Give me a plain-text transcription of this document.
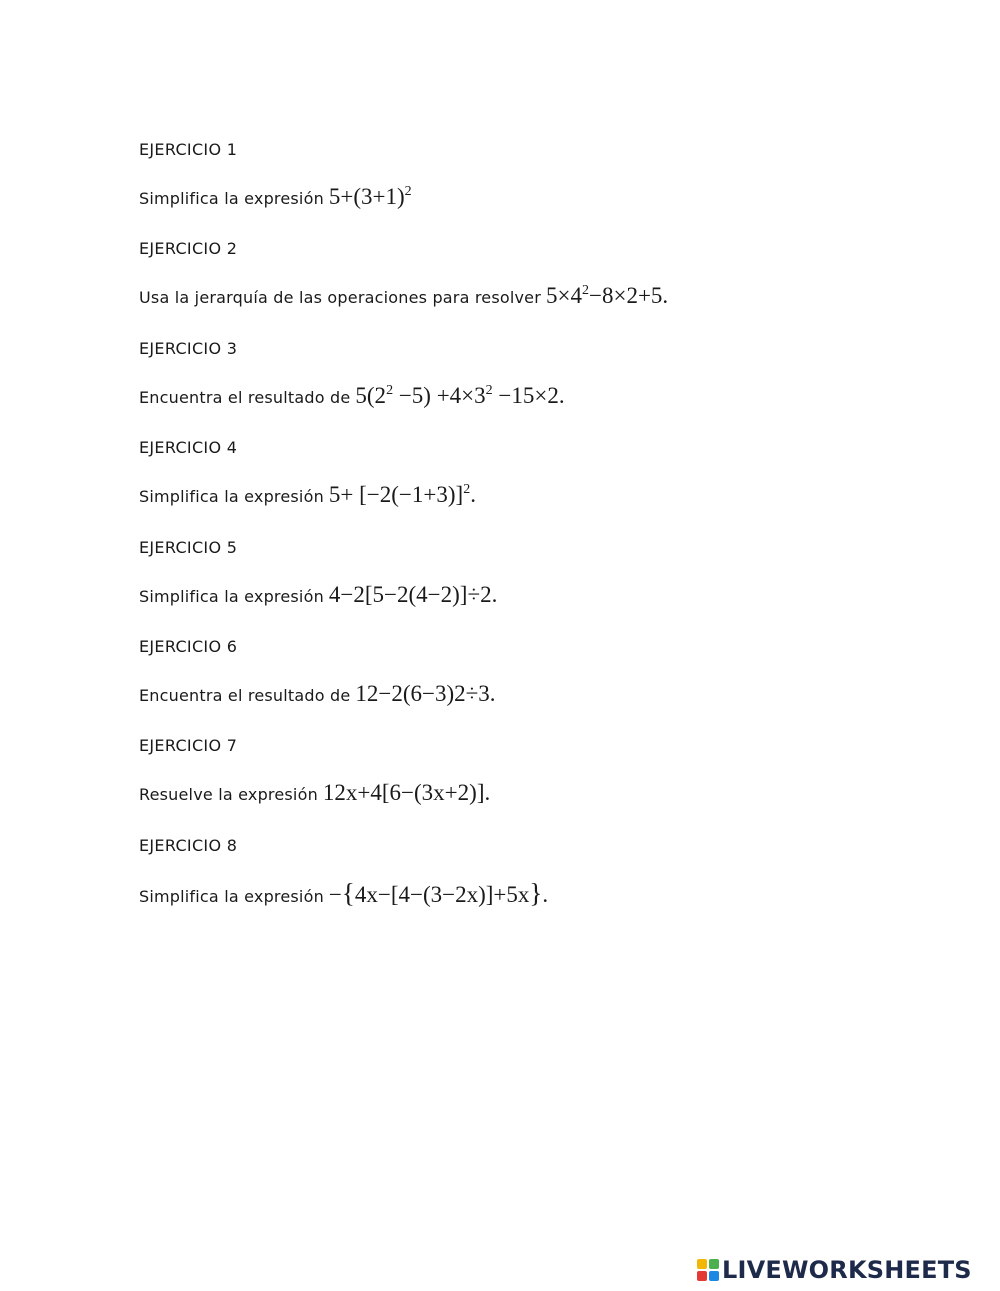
EJERCICIO 1
Simplifica la expresión $5+(3+1)^2$
EJERCICIO 2
Usa la jerarquía de las operaciones para resolver $5\times 4^2-8\times 2+5$.
EJERCICIO 3
Encuentra el resultado de $5(2^2 -5) +4\times 3^2 -15\times 2$.
EJERCICIO 4
Simplifica la expresión $5+ [-2(-1+3)]^2$.
EJERCICIO 5
Simplifica la expresión 4−2[5−2(4−2)]÷2.
EJERCICIO 6
Encuentra el resultado de 12−2(6−3)2÷3.
EJERCICIO 7
Resuelve la expresión 12x+4[6−(3x+2)].
EJERCICIO 8
Simplifica la expresión −{4x−[4−(3−2x)]+5x}.
LIVEWORKSHEETS
